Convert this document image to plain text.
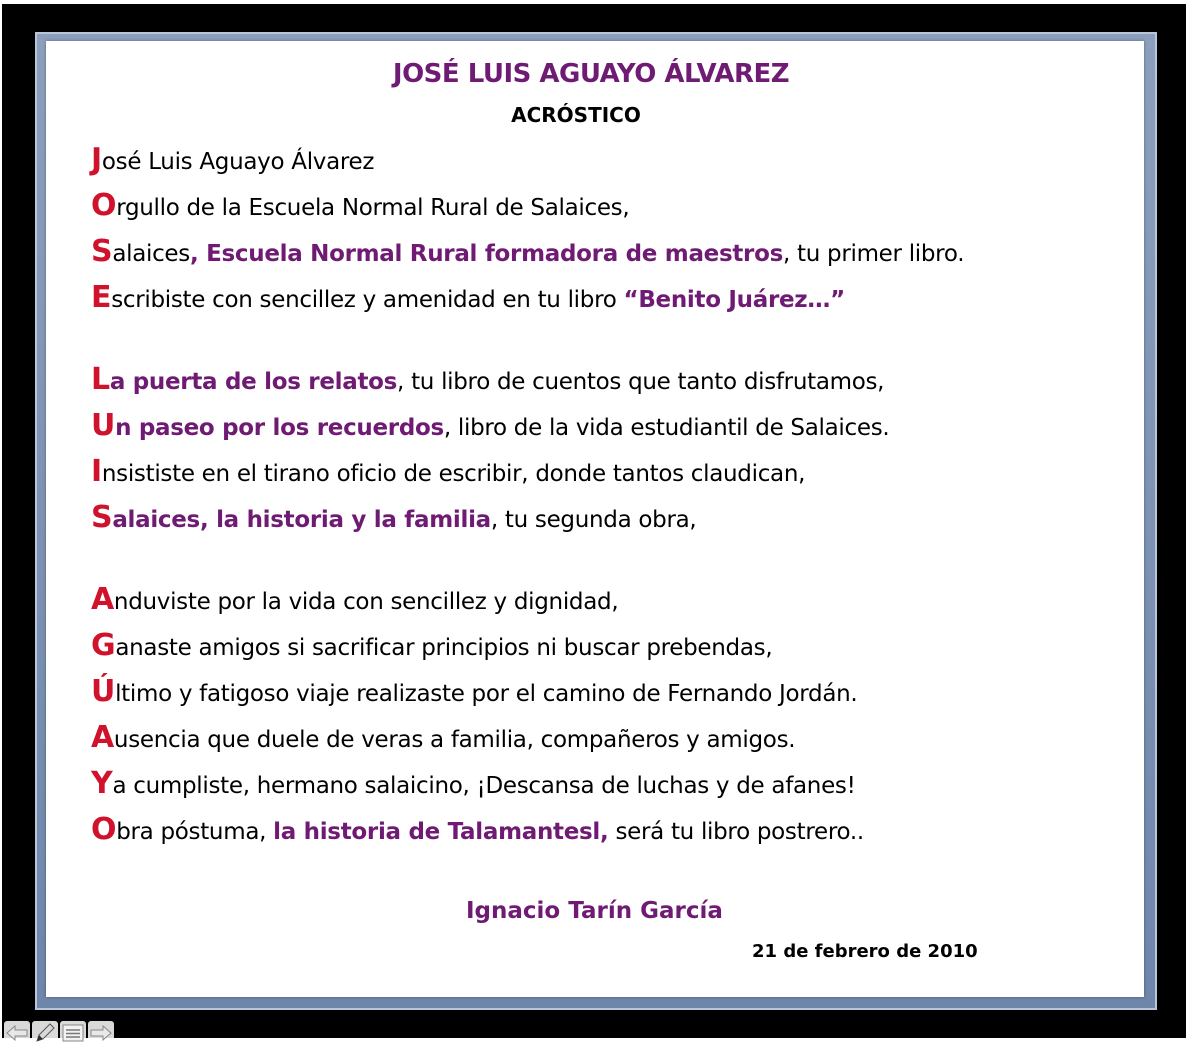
JOSÉ LUIS AGUAYO ÁLVAREZ
ACRÓSTICO
José Luis Aguayo Álvarez
Orgullo de la Escuela Normal Rural de Salaices,
Salaices, Escuela Normal Rural formadora de maestros, tu primer libro.
Escribiste con sencillez y amenidad en tu libro “Benito Juárez…”
La puerta de los relatos, tu libro de cuentos que tanto disfrutamos,
Un paseo por los recuerdos, libro de la vida estudiantil de Salaices.
Insististe en el tirano oficio de escribir, donde tantos claudican,
Salaices, la historia y la familia, tu segunda obra,
Anduviste por la vida con sencillez y dignidad,
Ganaste amigos si sacrificar principios ni buscar prebendas,
Último y fatigoso viaje realizaste por el camino de Fernando Jordán.
Ausencia que duele de veras a familia, compañeros y amigos.
Ya cumpliste, hermano salaicino, ¡Descansa de luchas y de afanes!
Obra póstuma, la historia de Talamantesl, será tu libro postrero..
Ignacio Tarín García
21 de febrero de 2010
